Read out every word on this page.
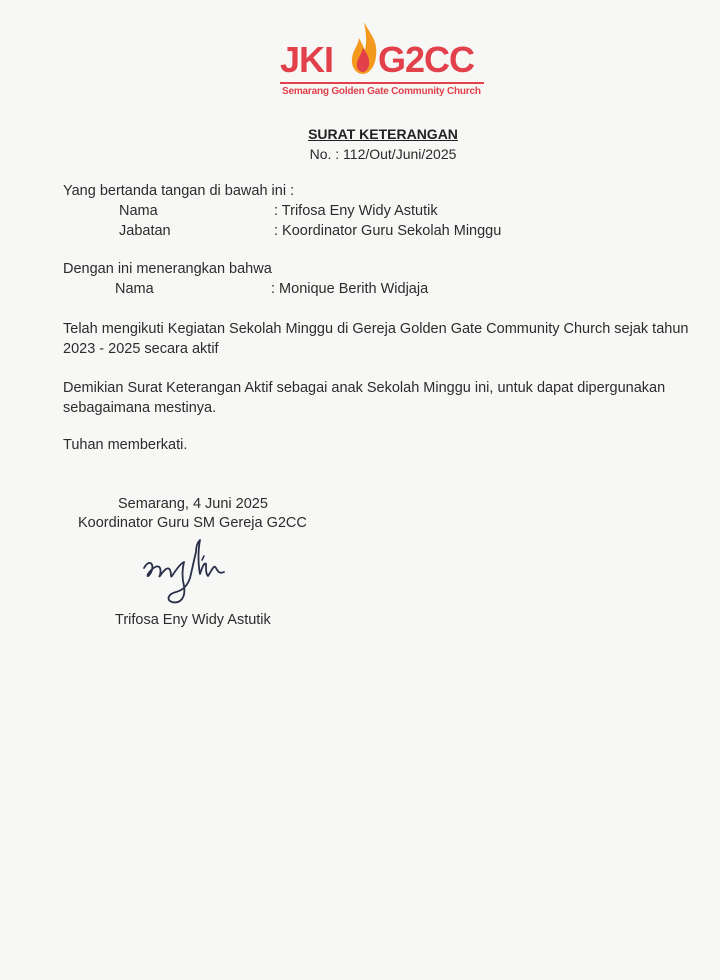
JKI G2CC
Semarang Golden Gate Community Church
SURAT KETERANGAN
No. : 112/Out/Juni/2025
Yang bertanda tangan di bawah ini :
Nama	: Trifosa Eny Widy Astutik
Jabatan	: Koordinator Guru Sekolah Minggu
Dengan ini menerangkan bahwa
Nama	: Monique Berith Widjaja
Telah mengikuti Kegiatan Sekolah Minggu di Gereja Golden Gate Community Church sejak tahun 2023 - 2025 secara aktif
Demikian Surat Keterangan Aktif sebagai anak Sekolah Minggu ini, untuk dapat dipergunakan sebagaimana mestinya.
Tuhan memberkati.
Semarang, 4 Juni 2025
Koordinator Guru SM Gereja G2CC
Trifosa Eny Widy Astutik
